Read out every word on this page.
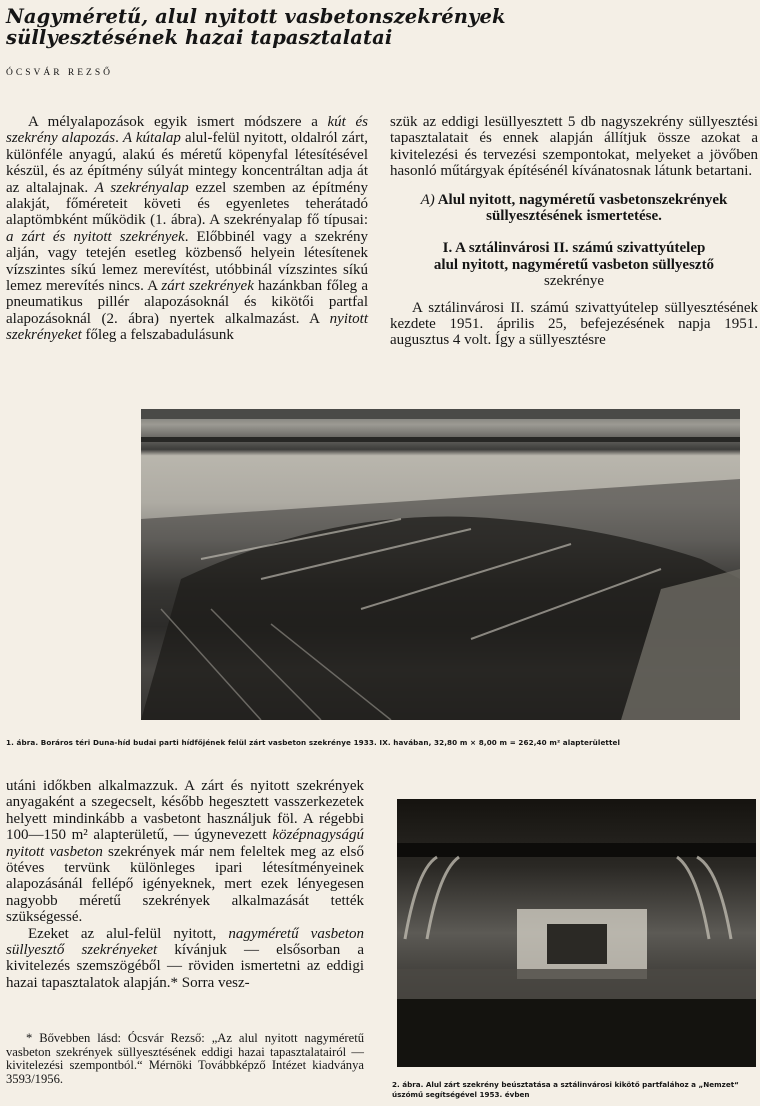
Nagyméretű, alul nyitott vasbetonszekrények süllyesztésének hazai tapasztalatai
ÓCSVÁR REZSŐ

A mélyalapozások egyik ismert módszere a kút és szekrény alapozás. A kútalap alul-felül nyitott, oldalról zárt, különféle anyagú, alakú és méretű köpenyfal létesítésével készül, és az építmény súlyát mintegy koncentráltan adja át az altalajnak. A szekrényalap ezzel szemben az építmény alakját, főméreteit követi és egyenletes teherátadó alaptömbként működik (1. ábra). A szekrényalap fő típusai: a zárt és nyitott szekrények. Előbbinél vagy a szekrény alján, vagy tetején esetleg közbenső helyein létesítenek vízszintes síkú lemez merevítést, utóbbinál vízszintes síkú lemez merevítés nincs. A zárt szekrények hazánkban főleg a pneumatikus pillér alapozásoknál és kikötői partfal alapozásoknál (2. ábra) nyertek alkalmazást. A nyitott szekrényeket főleg a felszabadulásunk

szük az eddigi lesüllyesztett 5 db nagyszekrény süllyesztési tapasztalatait és ennek alapján állítjuk össze azokat a kivitelezési és tervezési szempontokat, melyeket a jövőben hasonló műtárgyak építésénél kívánatosnak látunk betartani.

A) Alul nyitott, nagyméretű vasbetonszekrények
süllyesztésének ismertetése.
I. A sztálinvárosi II. számú szivattyútelep
alul nyitott, nagyméretű vasbeton süllyesztő
szekrénye

A sztálinvárosi II. számú szivattyútelep süllyesztésének kezdete 1951. április 25, befejezésének napja 1951. augusztus 4 volt. Így a süllyesztésre

1. ábra. Boráros téri Duna-híd budai parti hídfőjének felül zárt vasbeton szekrénye 1933. IX. havában, 32,80 m × 8,00 m = 262,40 m² alapterülettel

utáni időkben alkalmazzuk. A zárt és nyitott szekrények anyagaként a szegecselt, később hegesztett vasszerkezetek helyett mindinkább a vasbetont használjuk föl. A régebbi 100—150 m² alapterületű, — úgynevezett középnagyságú nyitott vasbeton szekrények már nem feleltek meg az első ötéves tervünk különleges ipari létesítményeinek alapozásánál fellépő igényeknek, mert ezek lényegesen nagyobb méretű szekrények alkalmazását tették szükségessé.

Ezeket az alul-felül nyitott, nagyméretű vasbeton süllyesztő szekrényeket kívánjuk — elsősorban a kivitelezés szemszögéből — röviden ismertetni az eddigi hazai tapasztalatok alapján.* Sorra vesz-

* Bővebben lásd: Ócsvár Rezső: „Az alul nyitott nagyméretű vasbeton szekrények süllyesztésének eddigi hazai tapasztalatairól — kivitelezési szempontból.“ Mérnöki Továbbképző Intézet kiadványa 3593/1956.	2. ábra. Alul zárt szekrény beúsztatása a sztálinvárosi kikötő partfalához a „Nemzet“ úszómű segítségével 1953. évben
